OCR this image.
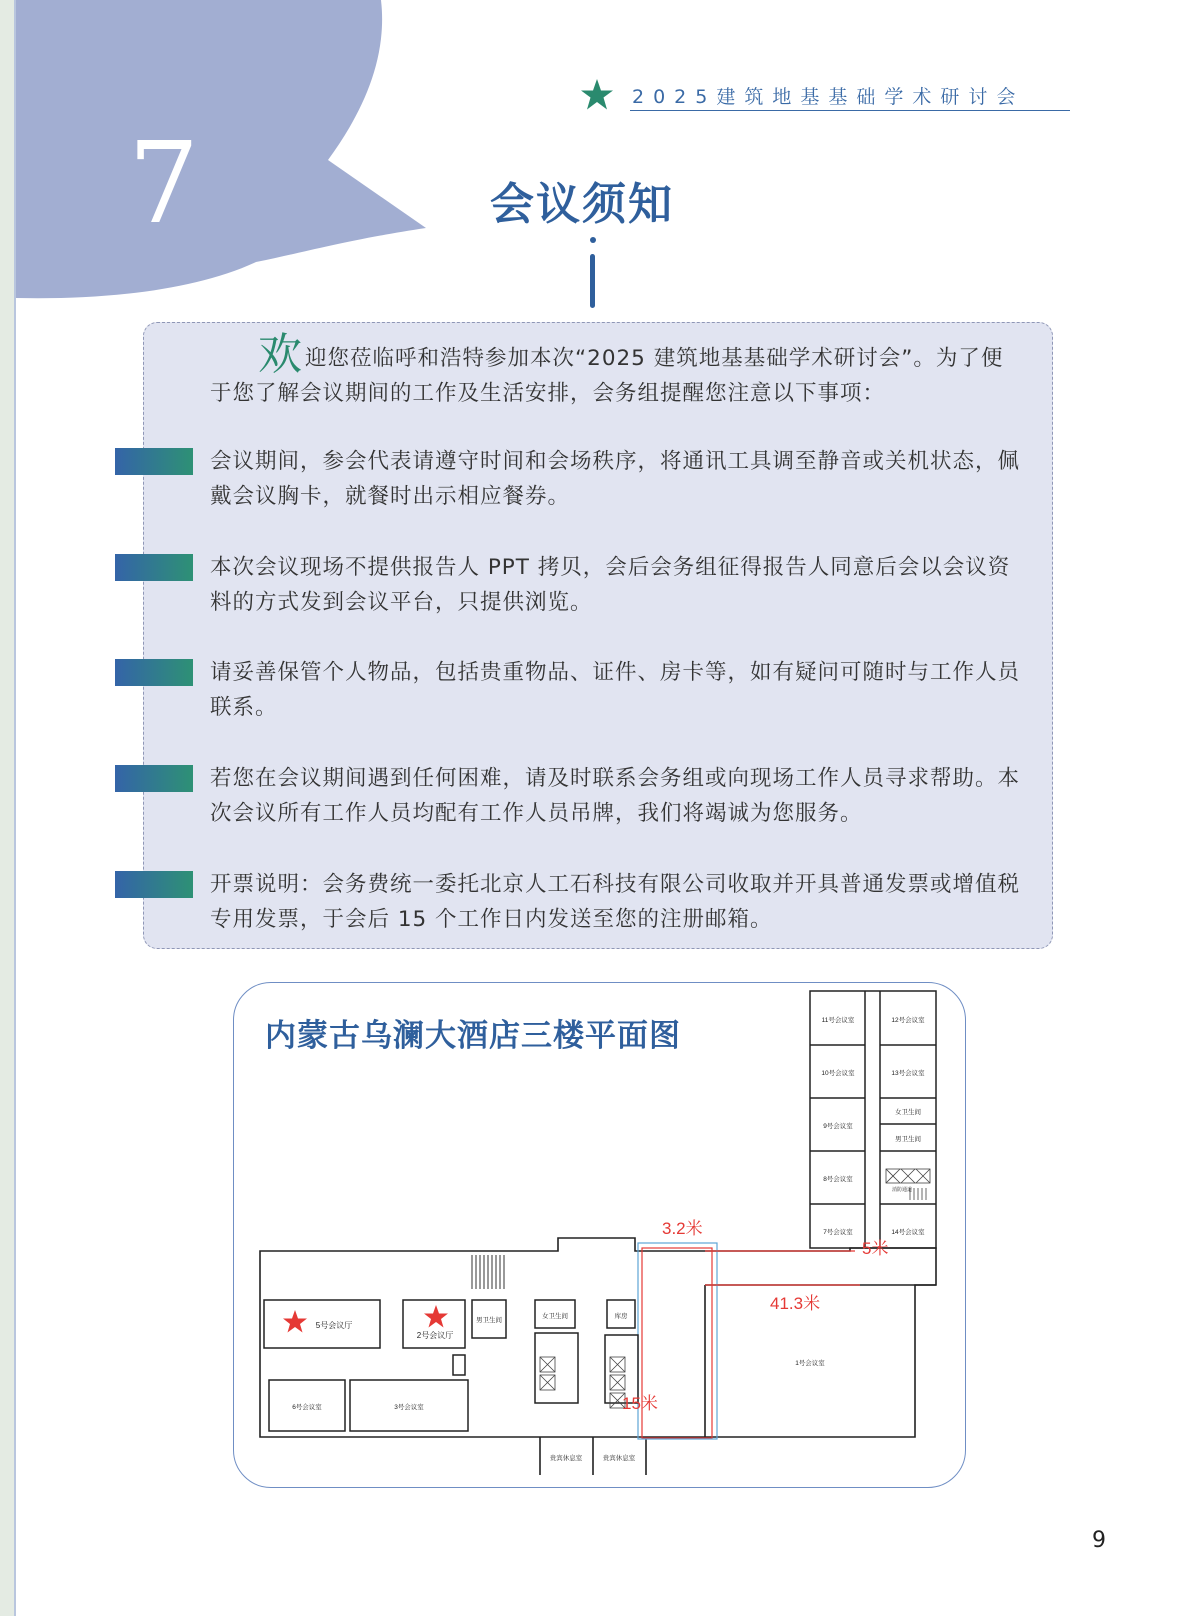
7
2025建筑地基基础学术研讨会
会议须知
欢迎您莅临呼和浩特参加本次“2025 建筑地基基础学术研讨会”。为了便于您了解会议期间的工作及生活安排，会务组提醒您注意以下事项：
会议期间，参会代表请遵守时间和会场秩序，将通讯工具调至静音或关机状态，佩戴会议胸卡，就餐时出示相应餐券。
本次会议现场不提供报告人 PPT 拷贝，会后会务组征得报告人同意后会以会议资料的方式发到会议平台，只提供浏览。
请妥善保管个人物品，包括贵重物品、证件、房卡等，如有疑问可随时与工作人员联系。
若您在会议期间遇到任何困难，请及时联系会务组或向现场工作人员寻求帮助。本次会议所有工作人员均配有工作人员吊牌，我们将竭诚为您服务。
开票说明：会务费统一委托北京人工石科技有限公司收取并开具普通发票或增值税专用发票，于会后 15 个工作日内发送至您的注册邮箱。
内蒙古乌澜大酒店三楼平面图	11号会议室	12号会议室
10号会议室	13号会议室
9号会议室
女卫生间
男卫生间
8号会议室
消防通道
7号会议室	14号会议室
5号会议厅
2号会议厅
6号会议室	3号会议室
男卫生间
女卫生间	库房
1号会议室
贵宾休息室	贵宾休息室
3.2米
5米
41.3米
15米
9
